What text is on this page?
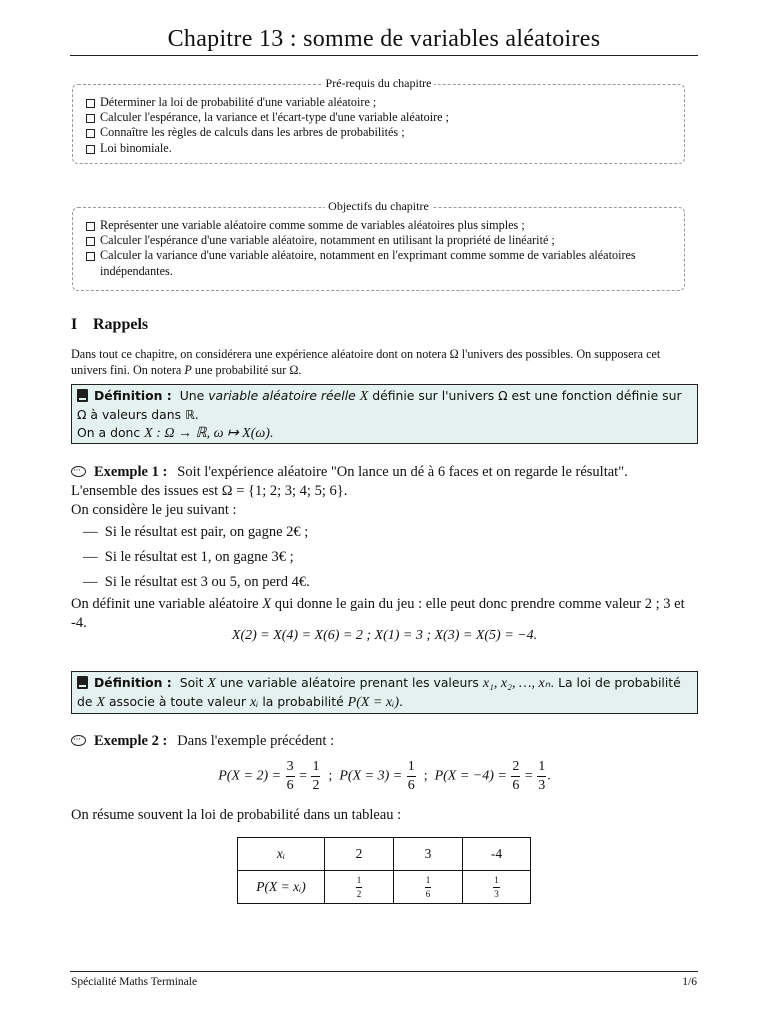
Chapitre 13 : somme de variables aléatoires
Pré-requis du chapitre
Déterminer la loi de probabilité d'une variable aléatoire ;
Calculer l'espérance, la variance et l'écart-type d'une variable aléatoire ;
Connaître les règles de calculs dans les arbres de probabilités ;
Loi binomiale.
Objectifs du chapitre
Représenter une variable aléatoire comme somme de variables aléatoires plus simples ;
Calculer l'espérance d'une variable aléatoire, notamment en utilisant la propriété de linéarité ;
Calculer la variance d'une variable aléatoire, notamment en l'exprimant comme somme de variables aléatoires indépendantes.
I Rappels
Dans tout ce chapitre, on considérera une expérience aléatoire dont on notera Ω l'univers des possibles. On supposera cet univers fini. On notera P une probabilité sur Ω.
Définition : Une variable aléatoire réelle X définie sur l'univers Ω est une fonction définie sur Ω à valeurs dans ℝ.
On a donc X : Ω → ℝ, ω ↦ X(ω).
···Exemple 1 : Soit l'expérience aléatoire "On lance un dé à 6 faces et on regarde le résultat".
L'ensemble des issues est Ω = {1; 2; 3; 4; 5; 6}.
On considère le jeu suivant :
—  Si le résultat est pair, on gagne 2€ ;
—  Si le résultat est 1, on gagne 3€ ;
—  Si le résultat est 3 ou 5, on perd 4€.
On définit une variable aléatoire X qui donne le gain du jeu : elle peut donc prendre comme valeur 2 ; 3 et -4.
X(2) = X(4) = X(6) = 2 ; X(1) = 3 ; X(3) = X(5) = −4.
Définition : Soit X une variable aléatoire prenant les valeurs x₁, x₂, …, xₙ. La loi de probabilité de X associe à toute valeur xᵢ la probabilité P(X = xᵢ).
···Exemple 2 : Dans l'exemple précédent :
$P(X = 2) = \frac{3}{6} = \frac{1}{2}$ ; $P(X = 3) = \frac{1}{6}$ ; $P(X = -4) = \frac{2}{6} = \frac{1}{3}$ .
On résume souvent la loi de probabilité dans un tableau :
xᵢ	2	3	-4
P(X = xᵢ)	$\frac{1}{2}$	$\frac{1}{6}$	$\frac{1}{3}$
Spécialité Maths Terminale	1/6
